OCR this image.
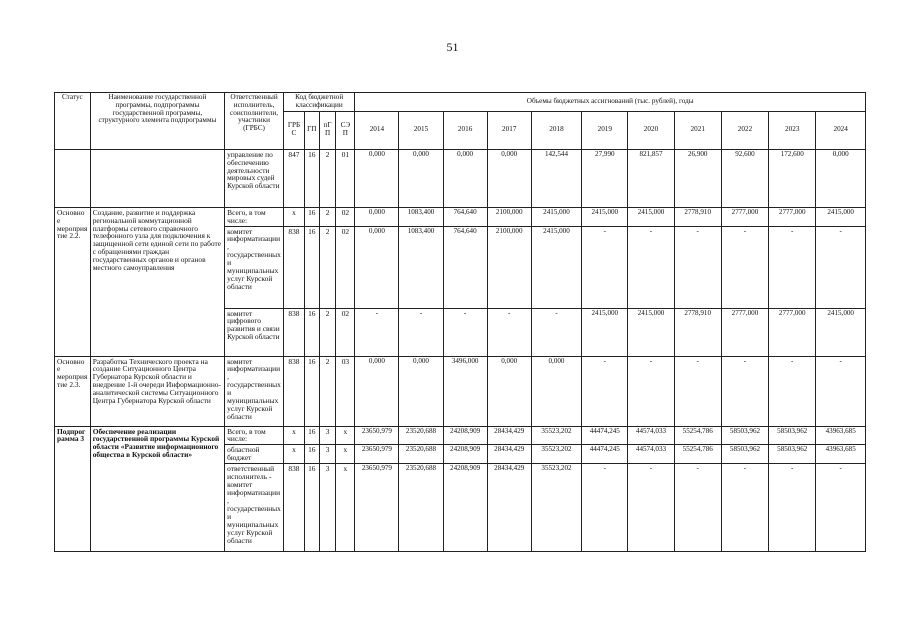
51
Статус	Наименование государственной программы, подпрограммы государственной программы, структурного элемента подпрограммы	Ответственный исполнитель, соисполнители, участники (ГРБС)	Код бюджетной классификации				Объемы бюджетных ассигнований (тыс. рублей), годы										
			ГРБС	ГП	пГП	СЭП	2014	2015	2016	2017	2018	2019	2020	2021	2022	2023	2024
		управление по обеспечению деятельности мировых судей Курской области	847	16	2	01	0,000	0,000	0,000	0,000	142,544	27,990	821,857	26,900	92,600	172,600	0,000
Основное мероприятие 2.2.	Создание, развитие и поддержка региональной коммутационной платформы сетевого справочного телефонного узла для подключения к защищенной сети единой сети по работе с обращениями граждан государственных органов и органов местного самоуправления	Всего, в том числе:	x	16	2	02	0,000	1083,400	764,640	2100,000	2415,000	2415,000	2415,000	2778,910	2777,000	2777,000	2415,000
		комитет информатизации, государственных и муниципальных услуг Курской области	838	16	2	02	0,000	1083,400	764,640	2100,000	2415,000	-	-	-	-	-	-
		комитет цифрового развития и связи Курской области	838	16	2	02	-	-	-	-	-	2415,000	2415,000	2778,910	2777,000	2777,000	2415,000
Основное мероприятие 2.3.	Разработка Технического проекта на создание Ситуационного Центра Губернатора Курской области и внедрение 1-й очереди Информационно-аналитической системы Ситуационного Центра Губернатора Курской области	комитет информатизации, государственных и муниципальных услуг Курской области	838	16	2	03	0,000	0,000	3496,000	0,000	0,000	-	-	-	-	-	-
Подпрограмма 3	Обеспечение реализации государственной программы Курской области «Развитие информационного общества в Курской области»	Всего, в том числе:	x	16	3	x	23650,979	23520,688	24208,909	28434,429	35523,202	44474,245	44574,033	55254,786	58503,962	58503,962	43963,685
		областной бюджет	x	16	3	x	23650,979	23520,688	24208,909	28434,429	35523,202	44474,245	44574,033	55254,786	58503,962	58503,962	43963,685
		ответственный исполнитель - комитет информатизации, государственных и муниципальных услуг Курской области	838	16	3	x	23650,979	23520,688	24208,909	28434,429	35523,202	-	-	-	-	-	-
